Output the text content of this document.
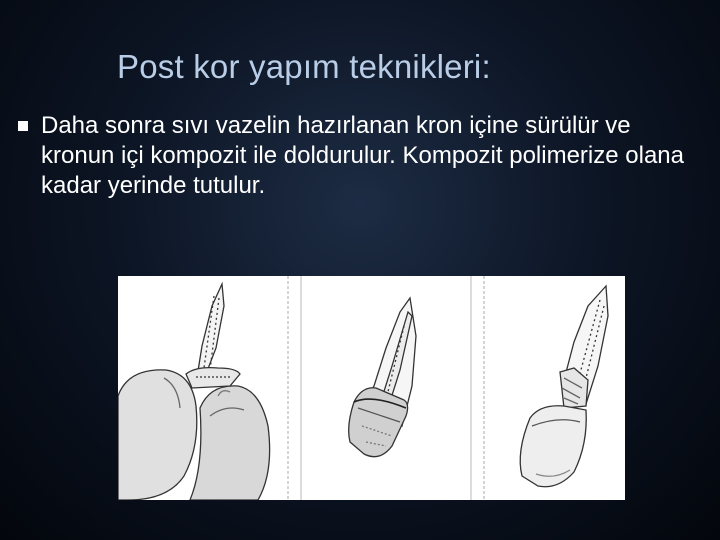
Post kor yapım teknikleri:
Daha sonra sıvı vazelin hazırlanan kron içine sürülür ve kronun içi kompozit ile doldurulur. Kompozit polimerize olana kadar yerinde tutulur.
